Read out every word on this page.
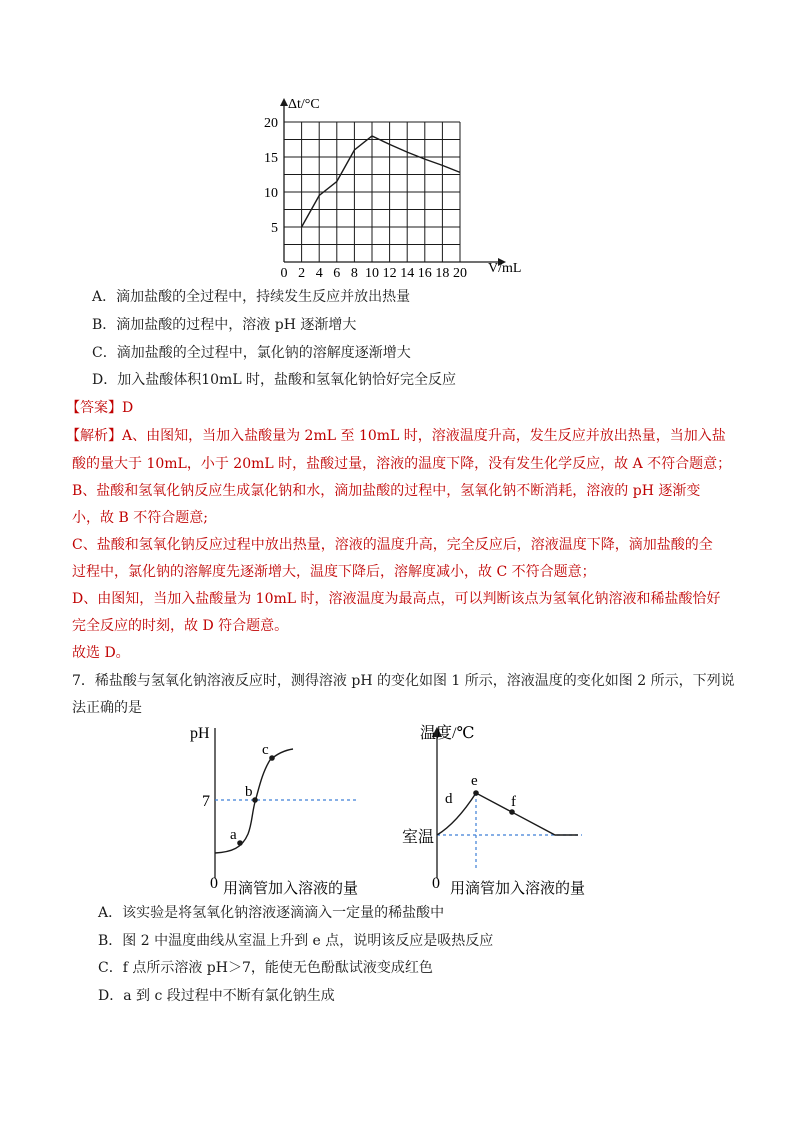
0 2 4 6 8 10 12 14 16 18 20
5
10
15
20
Δt/°C
V/mL
A．滴加盐酸的全过程中，持续发生反应并放出热量
B．滴加盐酸的过程中，溶液 pH 逐渐增大
C．滴加盐酸的全过程中，氯化钠的溶解度逐渐增大
D．加入盐酸体积10mL 时，盐酸和氢氧化钠恰好完全反应
【答案】D
【解析】A、由图知，当加入盐酸量为 2mL 至 10mL 时，溶液温度升高，发生反应并放出热量，当加入盐
酸的量大于 10mL，小于 20mL 时，盐酸过量，溶液的温度下降，没有发生化学反应，故 A 不符合题意；
B、盐酸和氢氧化钠反应生成氯化钠和水，滴加盐酸的过程中，氢氧化钠不断消耗，溶液的 pH 逐渐变
小，故 B 不符合题意;
C、盐酸和氢氧化钠反应过程中放出热量，溶液的温度升高，完全反应后，溶液温度下降，滴加盐酸的全
过程中，氯化钠的溶解度先逐渐增大，温度下降后，溶解度减小，故 C 不符合题意；
D、由图知，当加入盐酸量为 10mL 时，溶液温度为最高点，可以判断该点为氢氧化钠溶液和稀盐酸恰好
完全反应的时刻，故 D 符合题意。
故选 D。
7．稀盐酸与氢氧化钠溶液反应时，测得溶液 pH 的变化如图 1 所示，溶液温度的变化如图 2 所示，下列说
法正确的是
pH
7
a
b
c
0 用滴管加入溶液的量
温度/℃
室温
d
e
f
0 用滴管加入溶液的量
A．该实验是将氢氧化钠溶液逐滴滴入一定量的稀盐酸中
B．图 2 中温度曲线从室温上升到 e 点，说明该反应是吸热反应
C．f 点所示溶液 pH＞7，能使无色酚酞试液变成红色
D．a 到 c 段过程中不断有氯化钠生成
